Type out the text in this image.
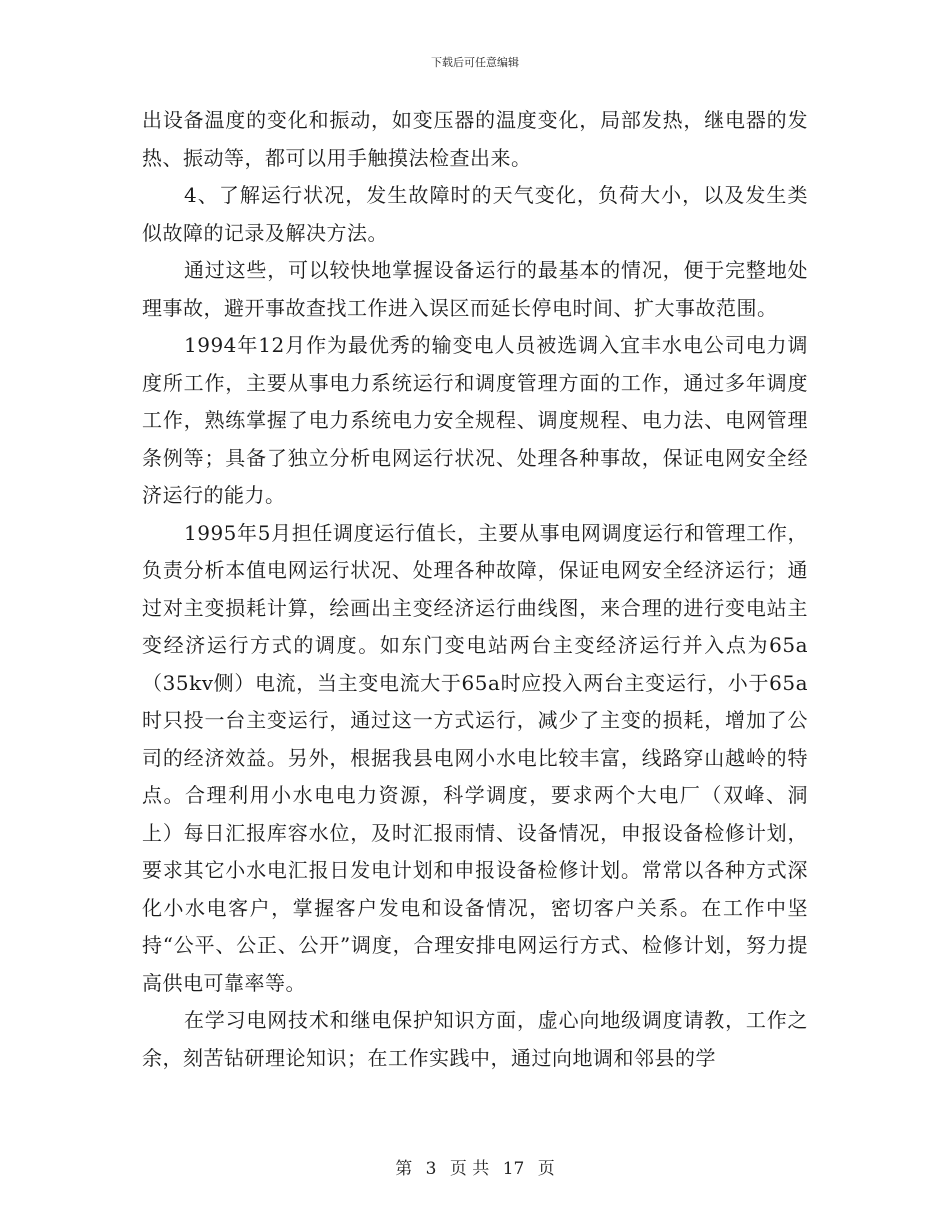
下载后可任意编辑

出设备温度的变化和振动，如变压器的温度变化，局部发热，继电器的发热、振动等，都可以用手触摸法检查出来。

4、了解运行状况，发生故障时的天气变化，负荷大小，以及发生类似故障的记录及解决方法。

通过这些，可以较快地掌握设备运行的最基本的情况，便于完整地处理事故，避开事故查找工作进入误区而延长停电时间、扩大事故范围。

1994年12月作为最优秀的输变电人员被选调入宜丰水电公司电力调度所工作，主要从事电力系统运行和调度管理方面的工作，通过多年调度工作，熟练掌握了电力系统电力安全规程、调度规程、电力法、电网管理条例等；具备了独立分析电网运行状况、处理各种事故，保证电网安全经济运行的能力。

1995年5月担任调度运行值长，主要从事电网调度运行和管理工作，负责分析本值电网运行状况、处理各种故障，保证电网安全经济运行；通过对主变损耗计算，绘画出主变经济运行曲线图，来合理的进行变电站主变经济运行方式的调度。如东门变电站两台主变经济运行并入点为65a（35kv侧）电流，当主变电流大于65a时应投入两台主变运行，小于65a时只投一台主变运行，通过这一方式运行，减少了主变的损耗，增加了公司的经济效益。另外，根据我县电网小水电比较丰富，线路穿山越岭的特点。合理利用小水电电力资源，科学调度，要求两个大电厂（双峰、洞上）每日汇报库容水位，及时汇报雨情、设备情况，申报设备检修计划，要求其它小水电汇报日发电计划和申报设备检修计划。常常以各种方式深化小水电客户，掌握客户发电和设备情况，密切客户关系。在工作中坚持“公平、公正、公开”调度，合理安排电网运行方式、检修计划，努力提高供电可靠率等。

在学习电网技术和继电保护知识方面，虚心向地级调度请教，工作之余，刻苦钻研理论知识；在工作实践中，通过向地调和邻县的学

第 3 页 共 17 页
